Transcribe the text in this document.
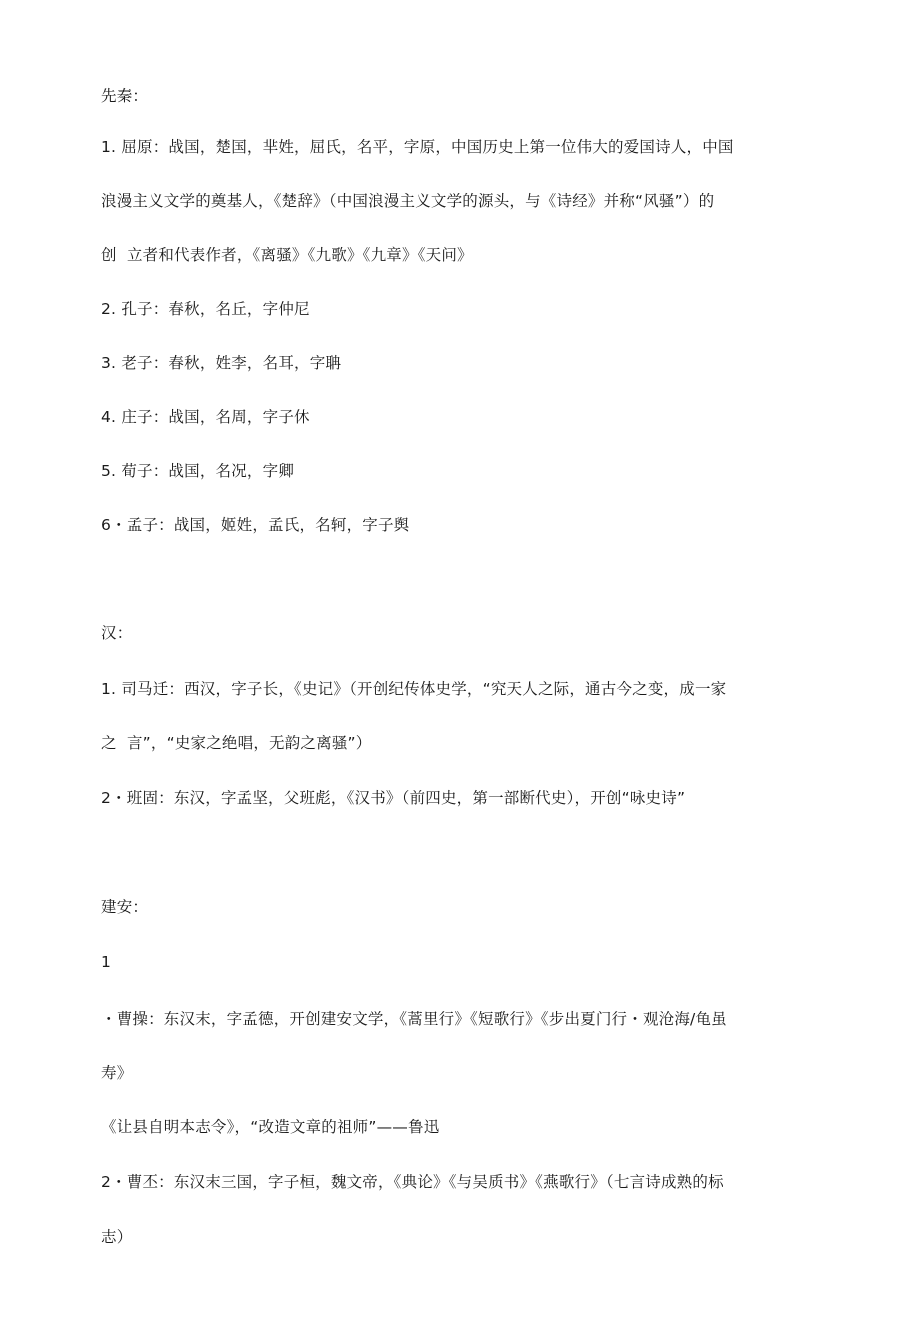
先秦：
1. 屈原：战国，楚国，芈姓，屈氏，名平，字原，中国历史上第一位伟大的爱国诗人，中国
浪漫主义文学的奠基人，《楚辞》（中国浪漫主义文学的源头，与《诗经》并称“风骚”）的
创  立者和代表作者，《离骚》《九歌》《九章》《天问》
2. 孔子：春秋，名丘，字仲尼
3. 老子：春秋，姓李，名耳，字聃
4. 庄子：战国，名周，字子休
5. 荀子：战国，名况，字卿
6・孟子：战国，姬姓，孟氏，名轲，字子舆
汉：
1. 司马迁：西汉，字子长，《史记》（开创纪传体史学，“究天人之际，通古今之变，成一家
之  言”，“史家之绝唱，无韵之离骚”）
2・班固：东汉，字孟坚，父班彪，《汉书》（前四史，第一部断代史），开创“咏史诗”
建安：
1
・曹操：东汉末，字孟德，开创建安文学，《蒿里行》《短歌行》《步出夏门行・观沧海/龟虽
寿》
《让县自明本志令》，“改造文章的祖师”——鲁迅
2・曹丕：东汉末三国，字子桓，魏文帝，《典论》《与吴质书》《燕歌行》（七言诗成熟的标
志）
